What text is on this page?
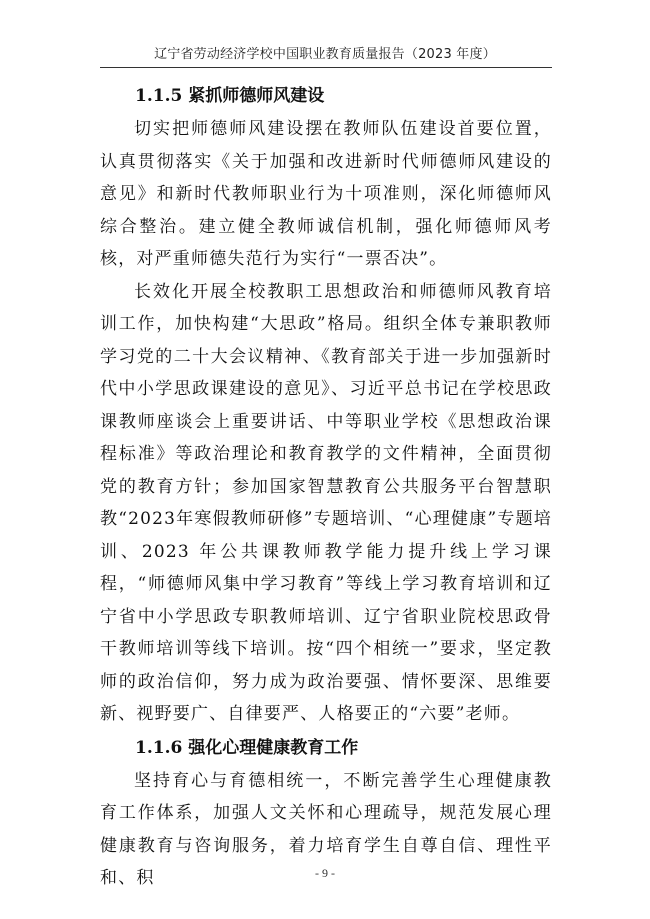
辽宁省劳动经济学校中国职业教育质量报告（2023 年度）
1.1.5 紧抓师德师风建设

切实把师德师风建设摆在教师队伍建设首要位置，认真贯彻落实《关于加强和改进新时代师德师风建设的意见》和新时代教师职业行为十项准则，深化师德师风综合整治。建立健全教师诚信机制，强化师德师风考核，对严重师德失范行为实行“一票否决”。

长效化开展全校教职工思想政治和师德师风教育培训工作，加快构建“大思政”格局。组织全体专兼职教师学习党的二十大会议精神、《教育部关于进一步加强新时代中小学思政课建设的意见》、习近平总书记在学校思政课教师座谈会上重要讲话、中等职业学校《思想政治课程标准》等政治理论和教育教学的文件精神，全面贯彻党的教育方针；参加国家智慧教育公共服务平台智慧职教“2023年寒假教师研修”专题培训、“心理健康”专题培训、2023 年公共课教师教学能力提升线上学习课程，“师德师风集中学习教育”等线上学习教育培训和辽宁省中小学思政专职教师培训、辽宁省职业院校思政骨干教师培训等线下培训。按“四个相统一”要求，坚定教师的政治信仰，努力成为政治要强、情怀要深、思维要新、视野要广、自律要严、人格要正的“六要”老师。

1.1.6 强化心理健康教育工作

坚持育心与育德相统一，不断完善学生心理健康教育工作体系，加强人文关怀和心理疏导，规范发展心理健康教育与咨询服务，着力培育学生自尊自信、理性平和、积	- 9 -
